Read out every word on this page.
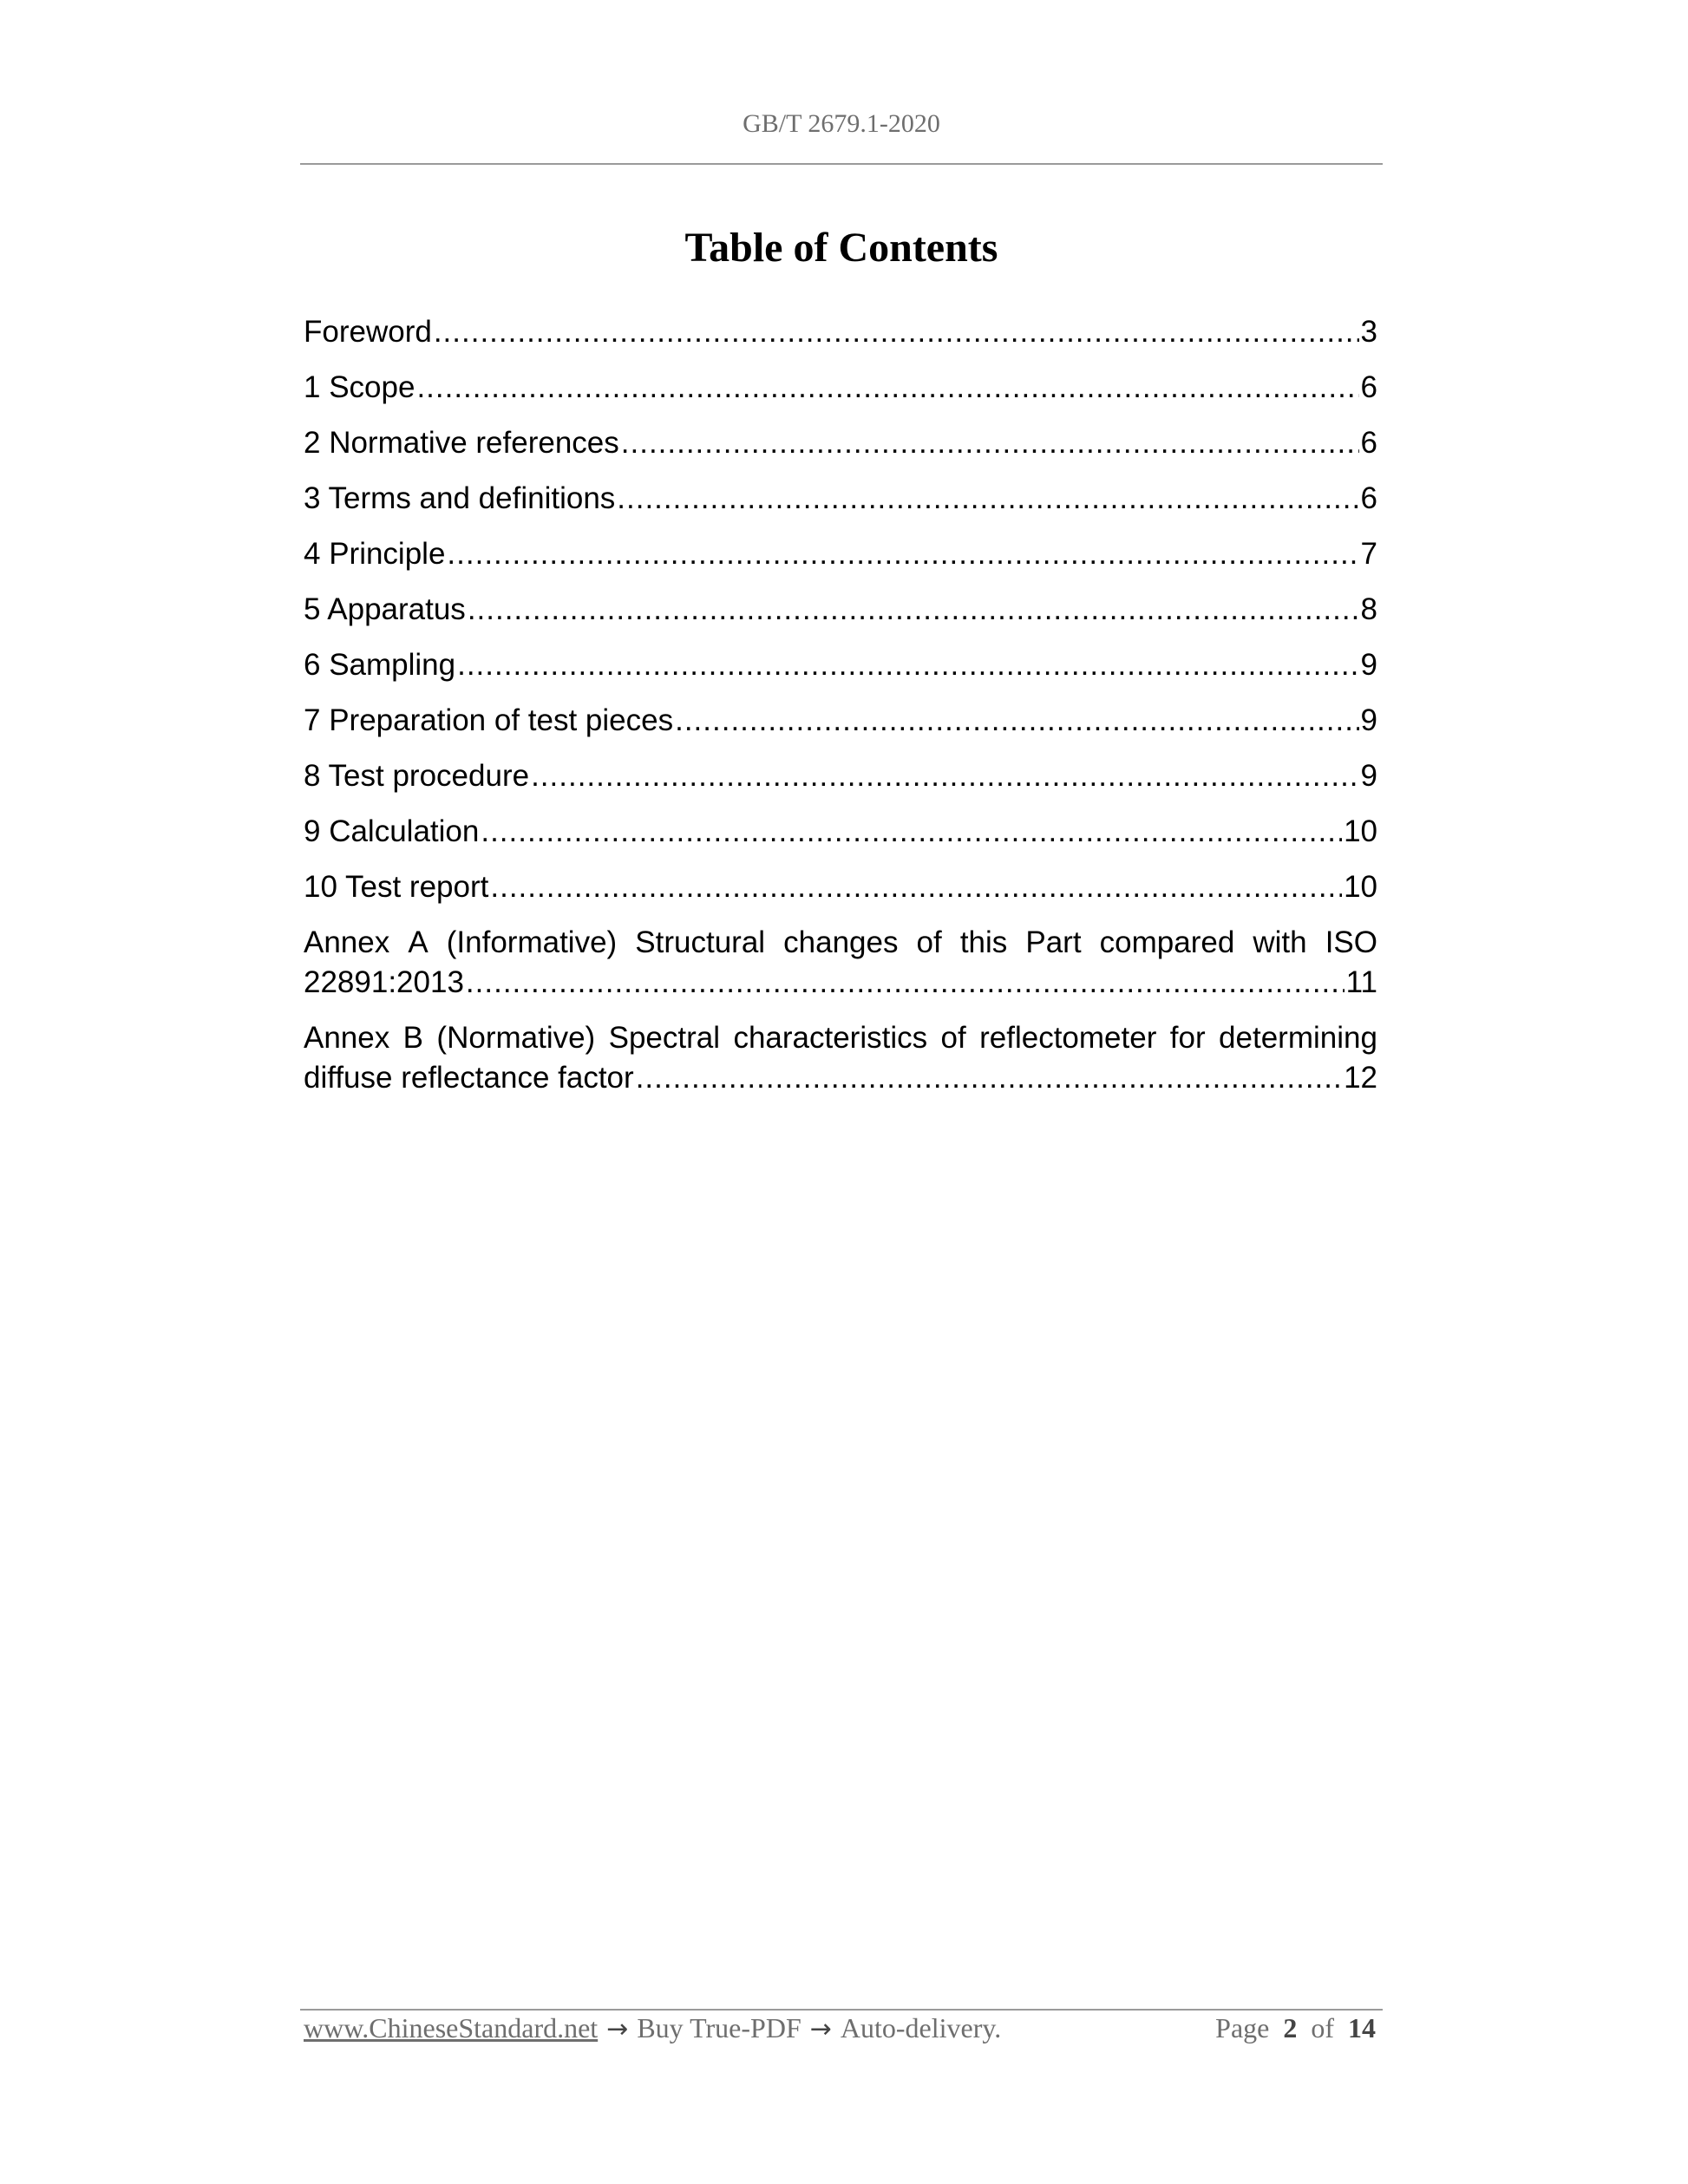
GB/T 2679.1-2020
Table of Contents
Foreword .....	3
1 Scope .....	6
2 Normative references .....	6
3 Terms and definitions .....	6
4 Principle .....	7
5 Apparatus .....	8
6 Sampling .....	9
7 Preparation of test pieces .....	9
8 Test procedure .....	9
9 Calculation .....	10
10 Test report .....	10
Annex A (Informative) Structural changes of this Part compared with ISO
22891:2013 .....	11
Annex B (Normative) Spectral characteristics of reflectometer for determining
diffuse reflectance factor .....	12
www.ChineseStandard.net → Buy True-PDF → Auto-delivery.	Page 2 of 14
